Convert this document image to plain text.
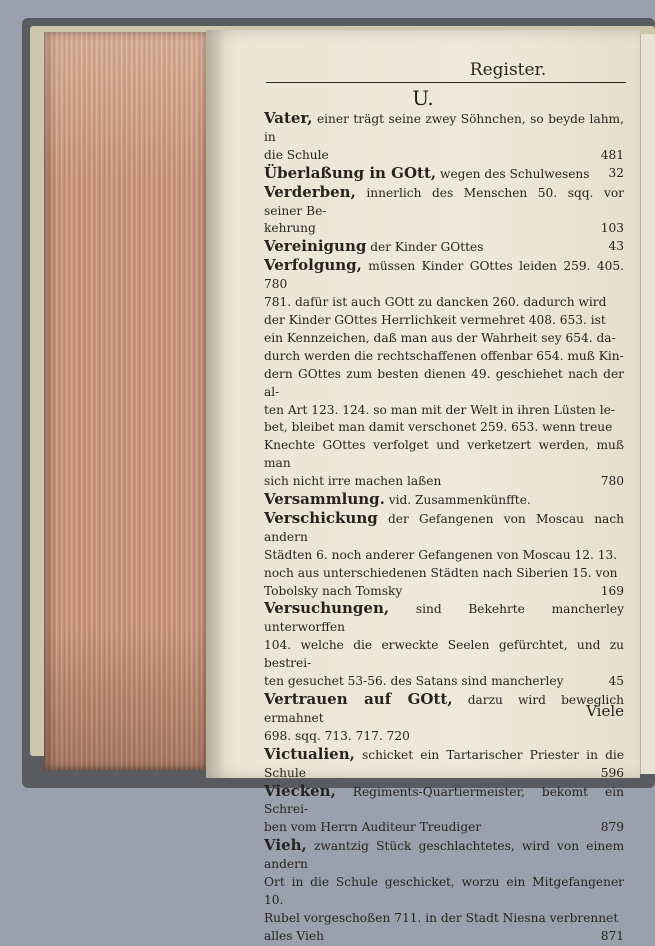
Register.
U.
Vater, einer trägt seine zwey Söhnchen, so beyde lahm, in
die Schule	481
Überlaßung in GOtt, wegen des Schulwesens 32
Verderben, innerlich des Menschen 50. sqq. vor seiner Be-
kehrung	103
Vereinigung der Kinder GOttes	43
Verfolgung, müssen Kinder GOttes leiden 259. 405. 780
781. dafür ist auch GOtt zu dancken 260. dadurch wird
der Kinder GOttes Herrlichkeit vermehret 408. 653. ist
ein Kennzeichen, daß man aus der Wahrheit sey 654. da-
durch werden die rechtschaffenen offenbar 654. muß Kin-
dern GOttes zum besten dienen 49. geschiehet nach der al-
ten Art 123. 124. so man mit der Welt in ihren Lüsten le-
bet, bleibet man damit verschonet 259. 653. wenn treue
Knechte GOttes verfolget und verketzert werden, muß man
sich nicht irre machen laßen	780
Versammlung. vid. Zusammenkünffte.
Verschickung der Gefangenen von Moscau nach andern
Städten 6. noch anderer Gefangenen von Moscau 12. 13.
noch aus unterschiedenen Städten nach Siberien 15. von
Tobolsky nach Tomsky	169
Versuchungen, sind Bekehrte mancherley unterworffen
104. welche die erweckte Seelen gefürchtet, und zu bestrei-
ten gesuchet 53-56. des Satans sind mancherley	45
Vertrauen auf GOtt, darzu wird beweglich ermahnet
698. sqq. 713. 717. 720
Victualien, schicket ein Tartarischer Priester in die Schule	596
Viecken, Regiments-Quartiermeister, bekomt ein Schrei-
ben vom Herrn Auditeur Treudiger	879
Vieh, zwantzig Stück geschlachtetes, wird von einem andern
Ort in die Schule geschicket, worzu ein Mitgefangener 10.
Rubel vorgeschoßen 711. in der Stadt Niesna verbrennet
alles Vieh	871
Viele
